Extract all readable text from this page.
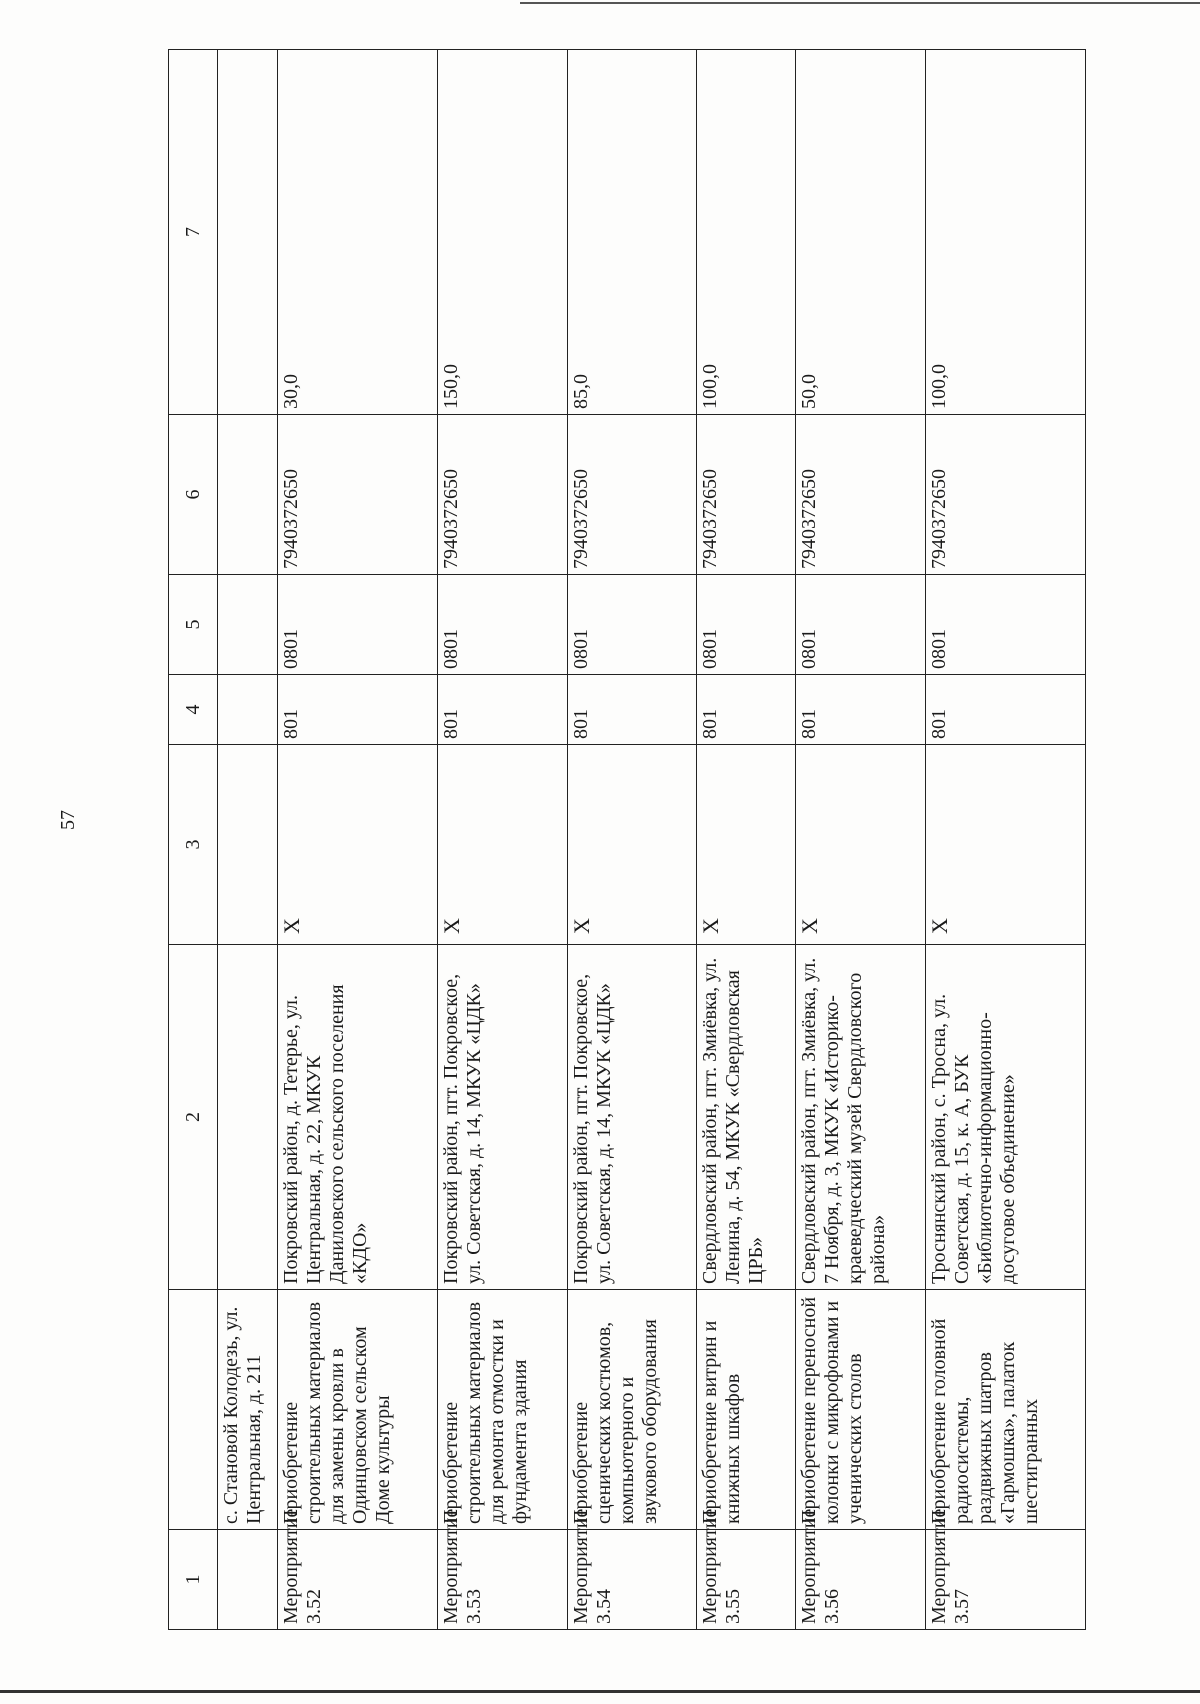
57
1		2	3	4	5	6	7
	с. Становой Колодезь, ул. Центральная, д. 211						
Мероприятие 3.52	Приобретение строительных материалов для замены кровли в Одинцовском сельском Доме культуры	Покровский район, д. Тетерье, ул. Центральная, д. 22, МКУК Даниловского сельского поселения «КДО»	Х	801	0801	7940372650	30,0
Мероприятие 3.53	Приобретение строительных материалов для ремонта отмостки и фундамента здания	Покровский район, пгт. Покровское, ул. Советская, д. 14, МКУК «ЦДК»	Х	801	0801	7940372650	150,0
Мероприятие 3.54	Приобретение сценических костюмов, компьютерного и звукового оборудования	Покровский район, пгт. Покровское, ул. Советская, д. 14, МКУК «ЦДК»	Х	801	0801	7940372650	85,0
Мероприятие 3.55	Приобретение витрин и книжных шкафов	Свердловский район, пгт. Змиёвка, ул. Ленина, д. 54, МКУК «Свердловская ЦРБ»	Х	801	0801	7940372650	100,0
Мероприятие 3.56	Приобретение переносной колонки с микрофонами и ученических столов	Свердловский район, пгт. Змиёвка, ул. 7 Ноября, д. 3, МКУК «Историко-краеведческий музей Свердловского района»	Х	801	0801	7940372650	50,0
Мероприятие 3.57	Приобретение головной радиосистемы, раздвижных шатров «Гармошка», палаток шестигранных	Троснянский район, с. Тросна, ул. Советская, д. 15, к. А, БУК «Библиотечно-информационно-досуговое объединение»	Х	801	0801	7940372650	100,0
